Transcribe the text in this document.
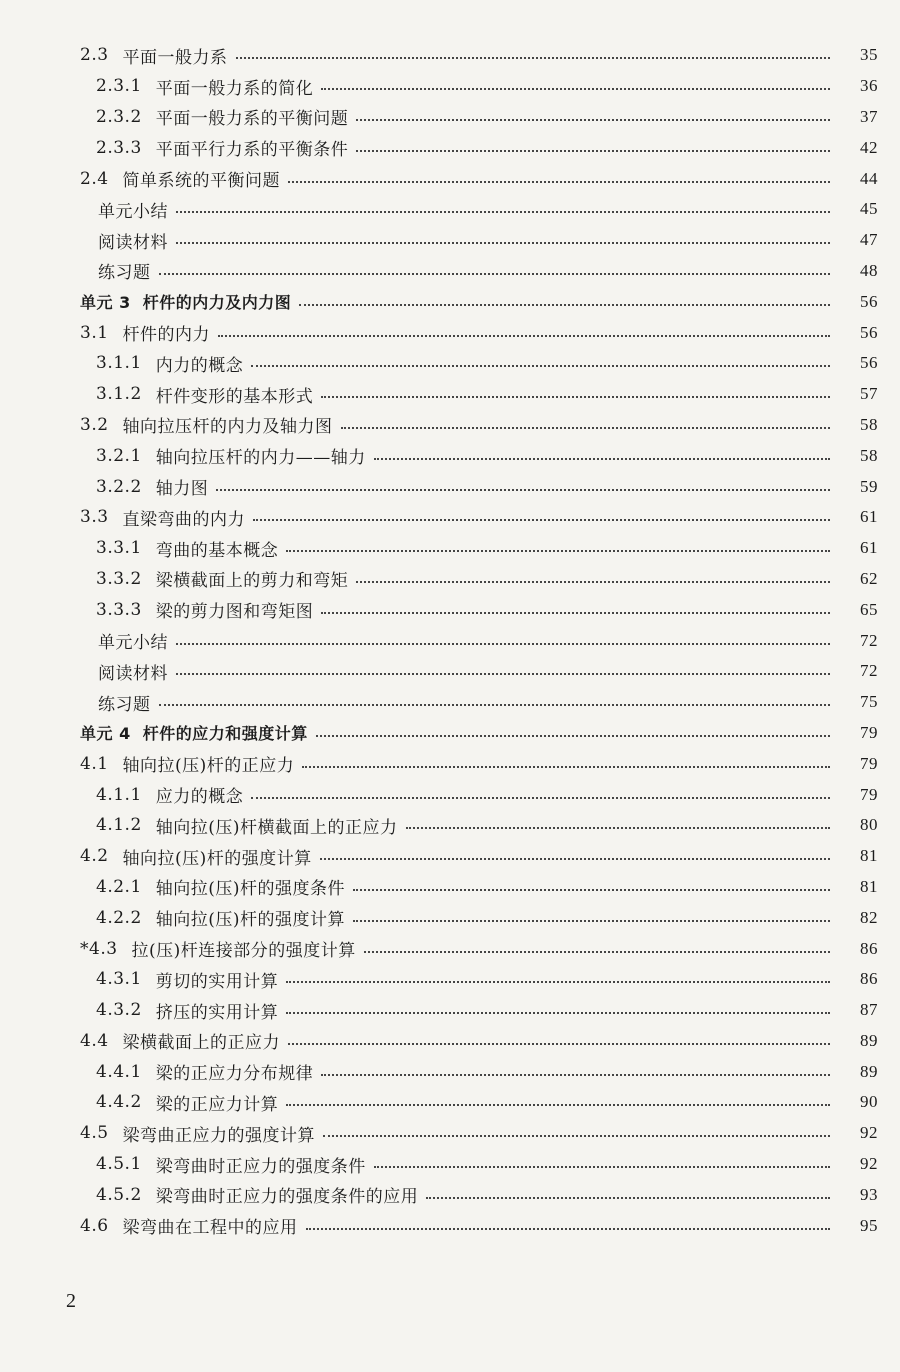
2.3 平面一般力系	35
2.3.1 平面一般力系的简化	36
2.3.2 平面一般力系的平衡问题	37
2.3.3 平面平行力系的平衡条件	42
2.4 简单系统的平衡问题	44
单元小结	45
阅读材料	47
练习题	48
单元 3 杆件的内力及内力图	56
3.1 杆件的内力	56
3.1.1 内力的概念	56
3.1.2 杆件变形的基本形式	57
3.2 轴向拉压杆的内力及轴力图	58
3.2.1 轴向拉压杆的内力——轴力	58
3.2.2 轴力图	59
3.3 直梁弯曲的内力	61
3.3.1 弯曲的基本概念	61
3.3.2 梁横截面上的剪力和弯矩	62
3.3.3 梁的剪力图和弯矩图	65
单元小结	72
阅读材料	72
练习题	75
单元 4 杆件的应力和强度计算	79
4.1 轴向拉(压)杆的正应力	79
4.1.1 应力的概念	79
4.1.2 轴向拉(压)杆横截面上的正应力	80
4.2 轴向拉(压)杆的强度计算	81
4.2.1 轴向拉(压)杆的强度条件	81
4.2.2 轴向拉(压)杆的强度计算	82
*4.3 拉(压)杆连接部分的强度计算	86
4.3.1 剪切的实用计算	86
4.3.2 挤压的实用计算	87
4.4 梁横截面上的正应力	89
4.4.1 梁的正应力分布规律	89
4.4.2 梁的正应力计算	90
4.5 梁弯曲正应力的强度计算	92
4.5.1 梁弯曲时正应力的强度条件	92
4.5.2 梁弯曲时正应力的强度条件的应用	93
4.6 梁弯曲在工程中的应用	95
2
